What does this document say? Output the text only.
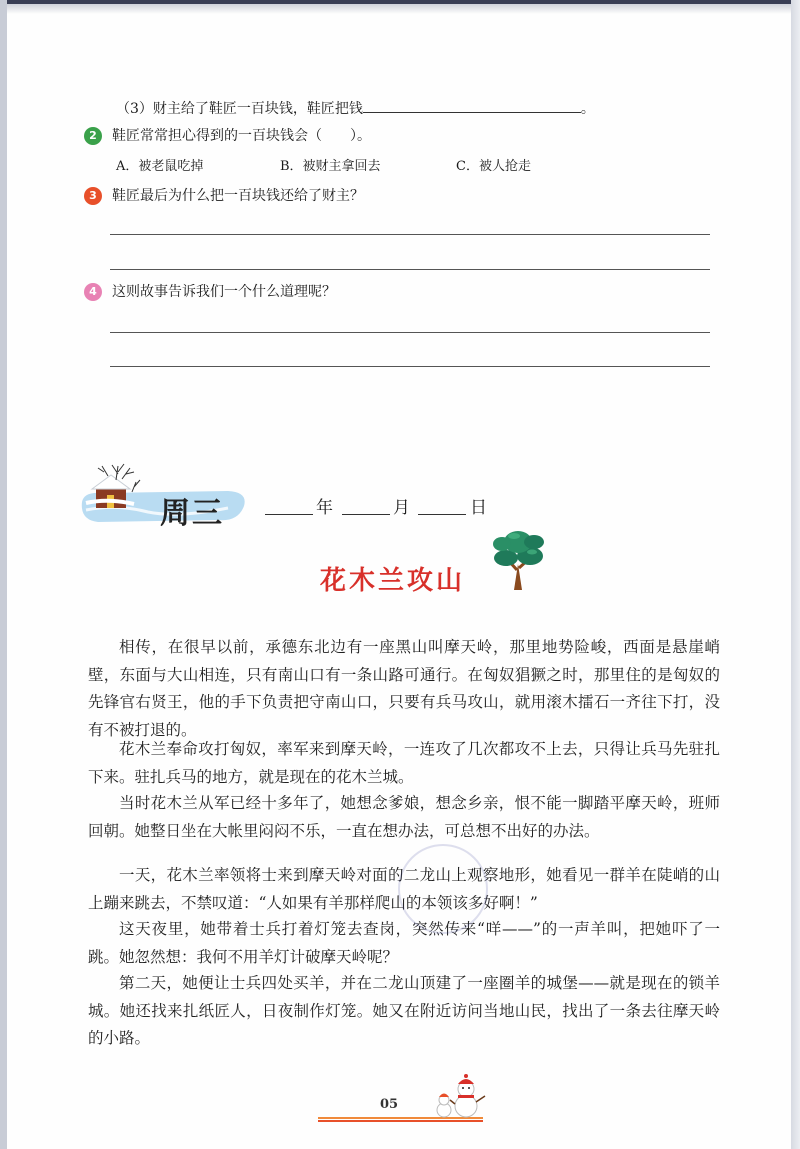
（3）财主给了鞋匠一百块钱，鞋匠把钱	。
2	鞋匠常常担心得到的一百块钱会（　　）。
A．被老鼠吃掉	B．被财主拿回去	C．被人抢走
3	鞋匠最后为什么把一百块钱还给了财主？
4	这则故事告诉我们一个什么道理呢？
周三	年	月	日
花木兰攻山

相传，在很早以前，承德东北边有一座黑山叫摩天岭，那里地势险峻，西面是悬崖峭壁，东面与大山相连，只有南山口有一条山路可通行。在匈奴猖獗之时，那里住的是匈奴的先锋官右贤王，他的手下负责把守南山口，只要有兵马攻山，就用滚木擂石一齐往下打，没有不被打退的。

花木兰奉命攻打匈奴，率军来到摩天岭，一连攻了几次都攻不上去，只得让兵马先驻扎下来。驻扎兵马的地方，就是现在的花木兰城。

当时花木兰从军已经十多年了，她想念爹娘，想念乡亲，恨不能一脚踏平摩天岭，班师回朝。她整日坐在大帐里闷闷不乐，一直在想办法，可总想不出好的办法。

一天，花木兰率领将士来到摩天岭对面的二龙山上观察地形，她看见一群羊在陡峭的山上蹦来跳去，不禁叹道：“人如果有羊那样爬山的本领该多好啊！”

这天夜里，她带着士兵打着灯笼去查岗，突然传来“咩——”的一声羊叫，把她吓了一跳。她忽然想：我何不用羊灯计破摩天岭呢？

第二天，她便让士兵四处买羊，并在二龙山顶建了一座圈羊的城堡——就是现在的锁羊城。她还找来扎纸匠人，日夜制作灯笼。她又在附近访问当地山民，找出了一条去往摩天岭的小路。

05
